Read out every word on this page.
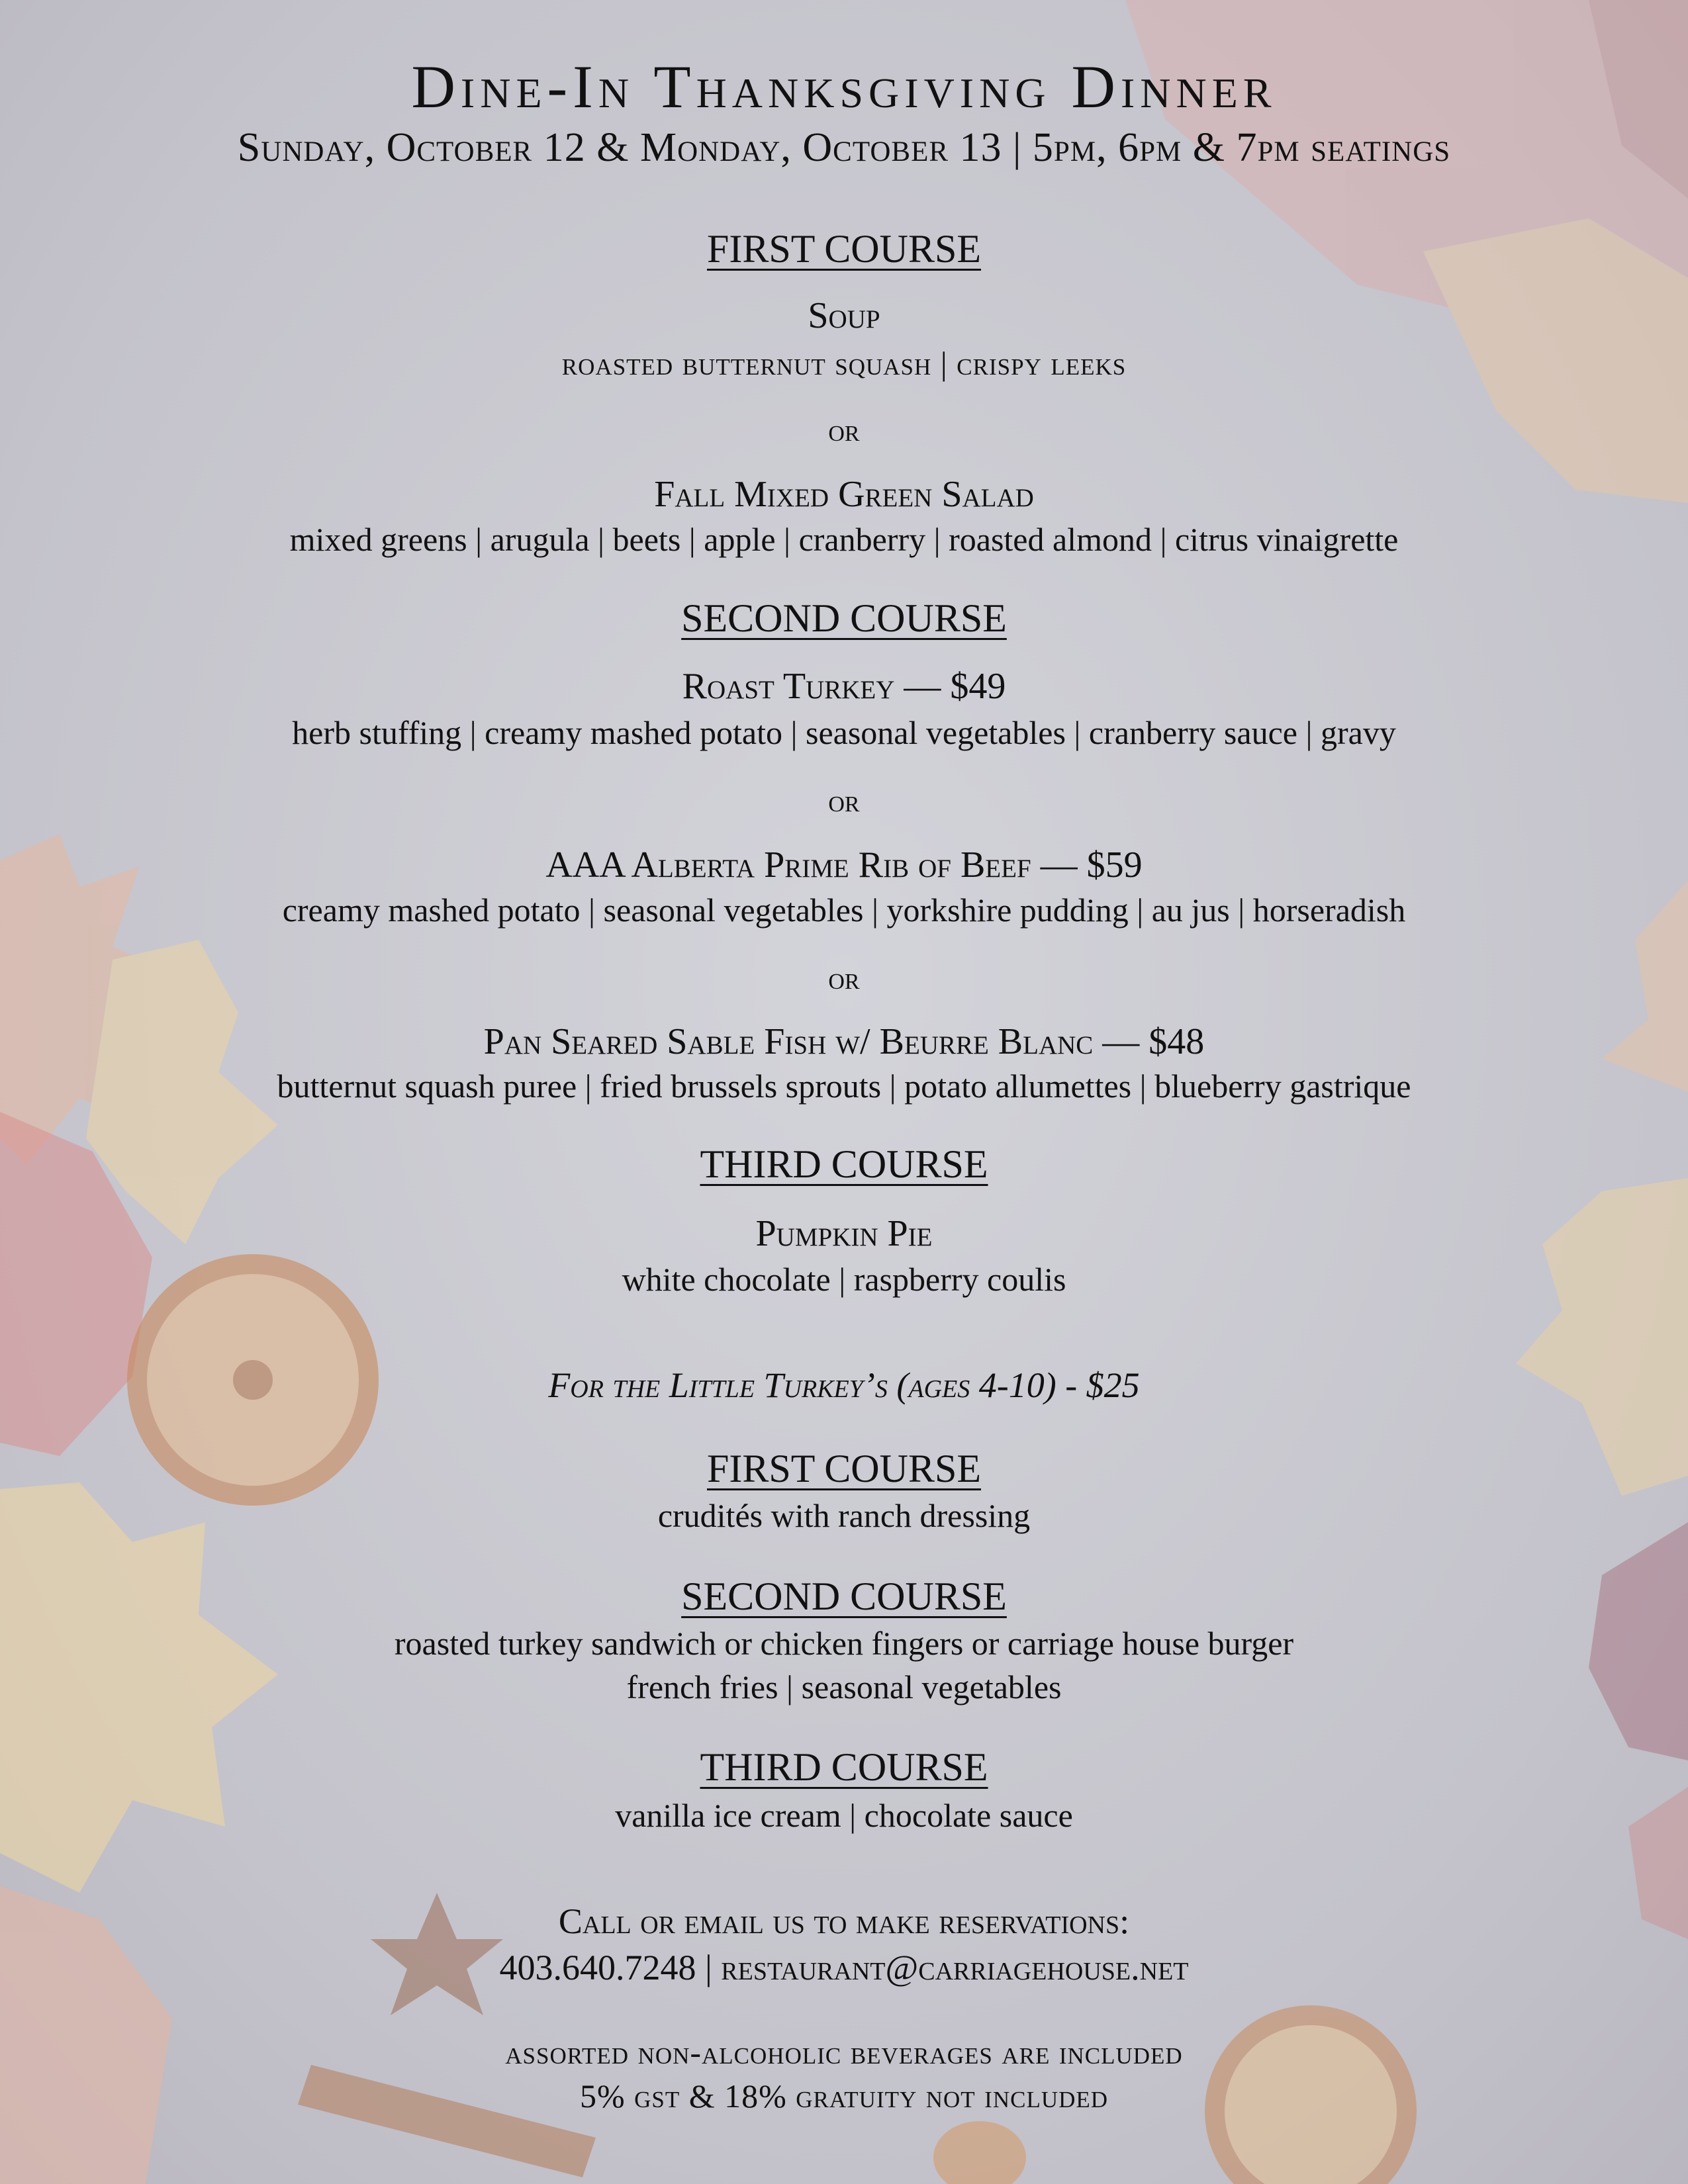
Dine-In Thanksgiving Dinner
Sunday, October 12 & Monday, October 13 | 5pm, 6pm & 7pm seatings
FIRST COURSE
Soup
roasted butternut squash | crispy leeks
or
Fall Mixed Green Salad
mixed greens | arugula | beets | apple | cranberry | roasted almond | citrus vinaigrette
SECOND COURSE
Roast Turkey — $49
herb stuffing | creamy mashed potato | seasonal vegetables | cranberry sauce | gravy
or
AAA Alberta Prime Rib of Beef — $59
creamy mashed potato | seasonal vegetables | yorkshire pudding | au jus | horseradish
or
Pan Seared Sable Fish w/ Beurre Blanc — $48
butternut squash puree | fried brussels sprouts | potato allumettes | blueberry gastrique
THIRD COURSE
Pumpkin Pie
white chocolate | raspberry coulis
For the Little Turkey’s (ages 4-10) - $25
FIRST COURSE
crudités with ranch dressing
SECOND COURSE
roasted turkey sandwich or chicken fingers or carriage house burger
french fries | seasonal vegetables
THIRD COURSE
vanilla ice cream | chocolate sauce
Call or email us to make reservations:
403.640.7248 | restaurant@carriagehouse.net
assorted non-alcoholic beverages are included
5% gst & 18% gratuity not included
